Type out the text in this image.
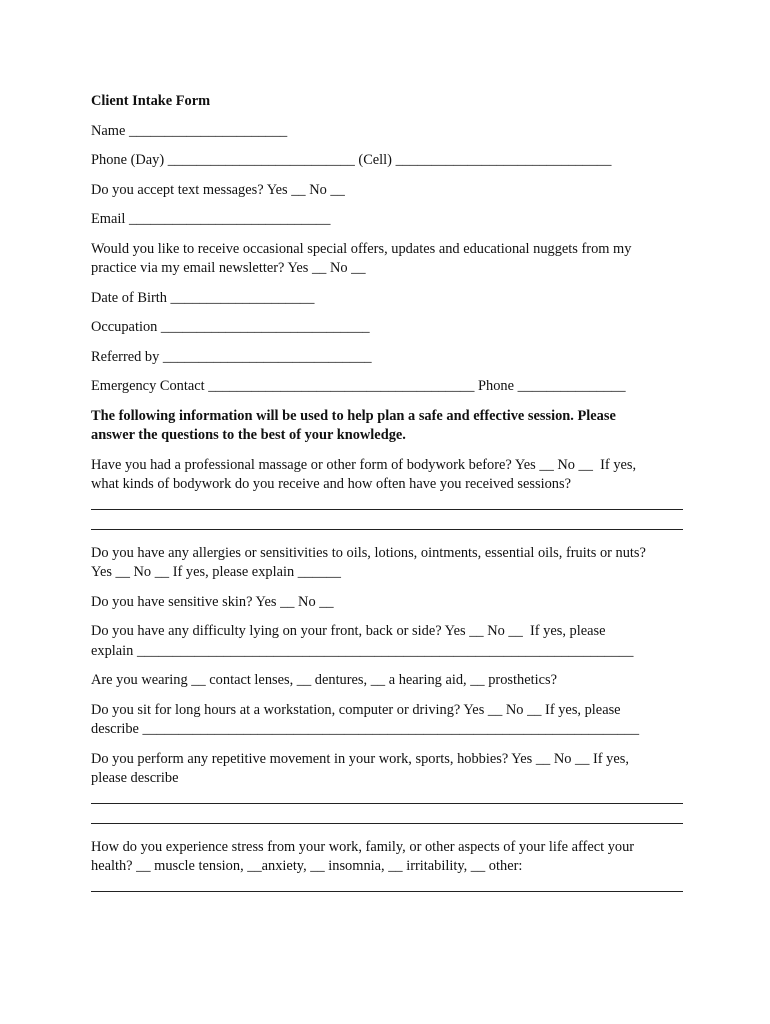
Client Intake Form
Name ______________________
Phone (Day) __________________________ (Cell) ______________________________
Do you accept text messages? Yes __ No __
Email ____________________________
Would you like to receive occasional special offers, updates and educational nuggets from my
practice via my email newsletter? Yes __ No __
Date of Birth ____________________
Occupation _____________________________
Referred by _____________________________
Emergency Contact _____________________________________ Phone _______________
The following information will be used to help plan a safe and effective session. Please
answer the questions to the best of your knowledge.
Have you had a professional massage or other form of bodywork before? Yes __ No __  If yes,
what kinds of bodywork do you receive and how often have you received sessions?
Do you have any allergies or sensitivities to oils, lotions, ointments, essential oils, fruits or nuts?
Yes __ No __ If yes, please explain ______
Do you have sensitive skin? Yes __ No __
Do you have any difficulty lying on your front, back or side? Yes __ No __  If yes, please
explain _____________________________________________________________________
Are you wearing __ contact lenses, __ dentures, __ a hearing aid, __ prosthetics?
Do you sit for long hours at a workstation, computer or driving? Yes __ No __ If yes, please
describe _____________________________________________________________________
Do you perform any repetitive movement in your work, sports, hobbies? Yes __ No __ If yes,
please describe
How do you experience stress from your work, family, or other aspects of your life affect your
health? __ muscle tension, __anxiety, __ insomnia, __ irritability, __ other:
